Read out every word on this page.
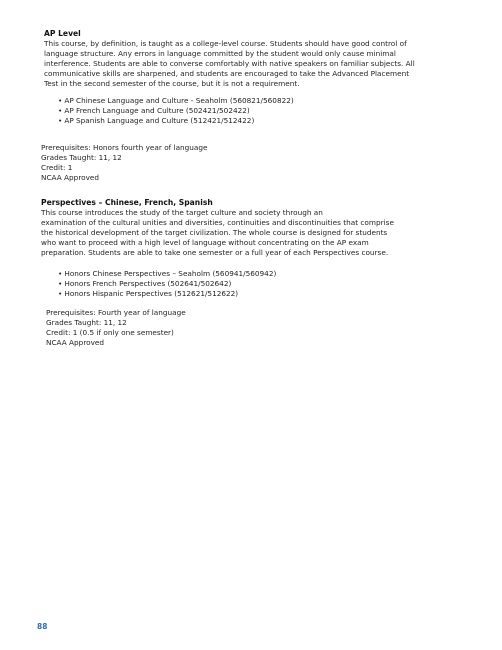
AP Level

This course, by definition, is taught as a college-level course. Students should have good control of

language structure. Any errors in language committed by the student would only cause minimal

interference. Students are able to converse comfortably with native speakers on familiar subjects. All

communicative skills are sharpened, and students are encouraged to take the Advanced Placement

Test in the second semester of the course, but it is not a requirement.

• AP Chinese Language and Culture - Seaholm (560821/560822)
• AP French Language and Culture (502421/502422)
• AP Spanish Language and Culture (512421/512422)
Prerequisites: Honors fourth year of language
Grades Taught: 11, 12
Credit: 1
NCAA Approved
Perspectives – Chinese, French, Spanish

This course introduces the study of the target culture and society through an

examination of the cultural unities and diversities, continuities and discontinuities that comprise

the historical development of the target civilization. The whole course is designed for students

who want to proceed with a high level of language without concentrating on the AP exam

preparation. Students are able to take one semester or a full year of each Perspectives course.

• Honors Chinese Perspectives – Seaholm (560941/560942)
• Honors French Perspectives (502641/502642)
• Honors Hispanic Perspectives (512621/512622)
Prerequisites: Fourth year of language
Grades Taught: 11, 12
Credit: 1 (0.5 if only one semester)
NCAA Approved
88
